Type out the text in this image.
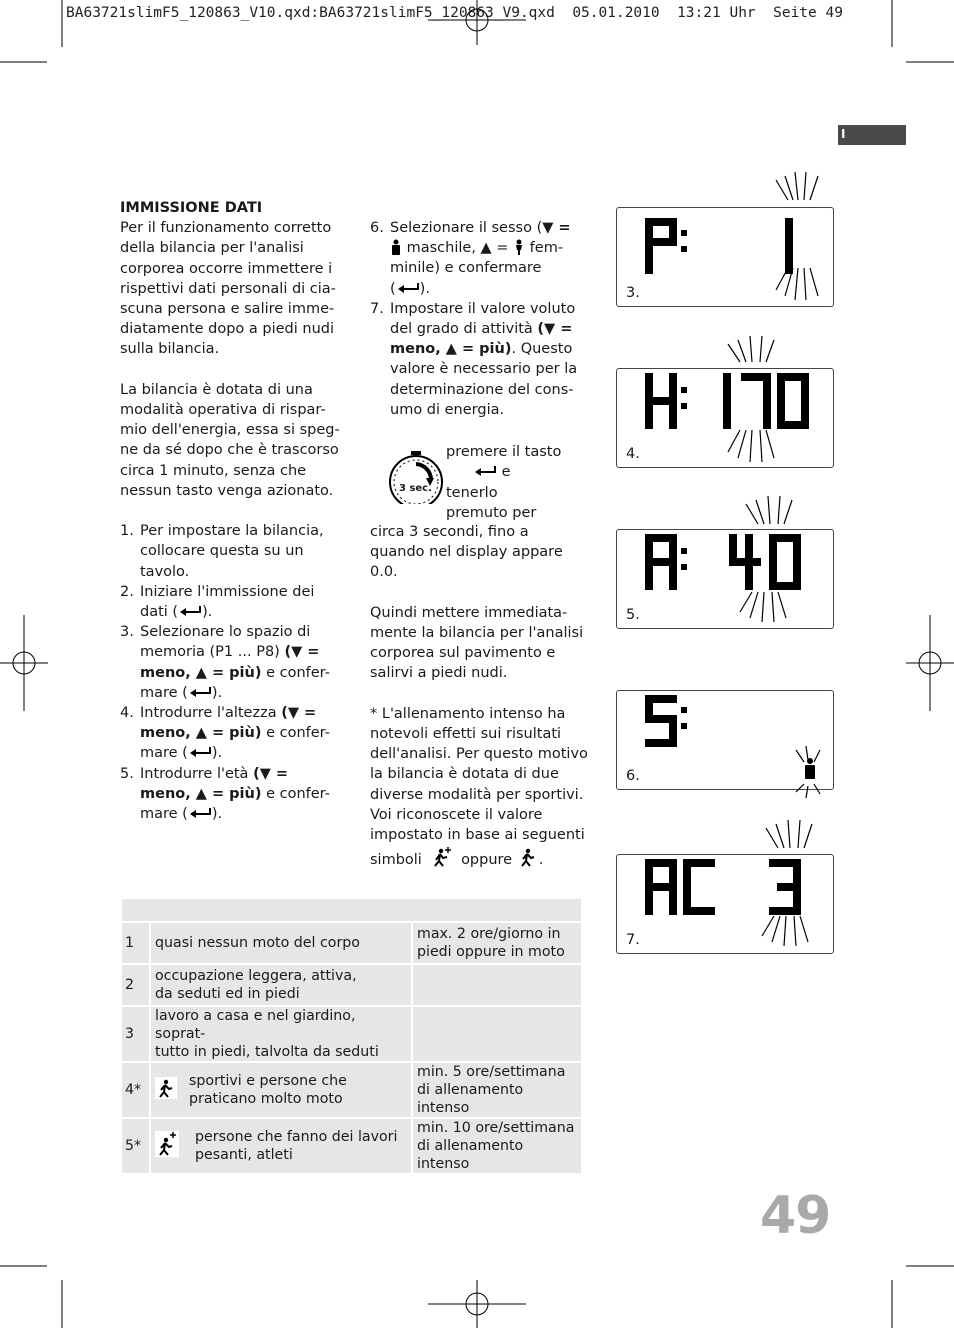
BA63721slimF5_120863_V10.qxd:BA63721slimF5_120863_V9.qxd  05.01.2010  13:21 Uhr  Seite 49
I
IMMISSIONE DATI

Per il funzionamento corretto
della bilancia per l'analisi
corporea occorre immettere i
rispettivi dati personali di cia-
scuna persona e salire imme-
diatamente dopo a piedi nudi
sulla bilancia.

La bilancia è dotata di una
modalità operativa di rispar-
mio dell'energia, essa si speg-
ne da sé dopo che è trascorso
circa 1 minuto, senza che
nessun tasto venga azionato.

1. Per impostare la bilancia,
collocare questa su un
tavolo.
2. Iniziare l'immissione dei
dati ( ).
3. Selezionare lo spazio di
memoria (P1 ... P8) (▼ =
meno, ▲ = più) e confer-
mare ( ).
4. Introdurre l'altezza (▼ =
meno, ▲ = più) e confer-
mare ( ).
5. Introdurre l'età (▼ =
meno, ▲ = più) e confer-
mare ( ).
6. Selezionare il sesso (▼ =
maschile, ▲ =  fem-
minile) e confermare
( ).
7. Impostare il valore voluto
del grado di attività (▼ =
meno, ▲ = più). Questo
valore è necessario per la
determinazione del cons-
umo di energia.
3 sec.
premere il tasto
e tenerlo
premuto per

circa 3 secondi, fino a
quando nel display appare
0.0.

Quindi mettere immediata-
mente la bilancia per l'analisi
corporea sul pavimento e
salirvi a piedi nudi.

* L'allenamento intenso ha
notevoli effetti sui risultati
dell'analisi. Per questo motivo
la bilancia è dotata di due
diverse modalità per sportivi.
Voi riconoscete il valore
impostato in base ai seguenti
simboli	oppure .

3.
4.
5.
6.
7.

1	quasi nessun moto del corpo	max. 2 ore/giorno in
piedi oppure in moto
2	occupazione leggera, attiva,
da seduti ed in piedi	
3	lavoro a casa e nel giardino, soprat-
tutto in piedi, talvolta da seduti	
4*	sportivi e persone che
praticano molto moto	min. 5 ore/settimana
di allenamento intenso
5*	persone che fanno dei lavori
pesanti, atleti	min. 10 ore/settimana
di allenamento intenso
49
